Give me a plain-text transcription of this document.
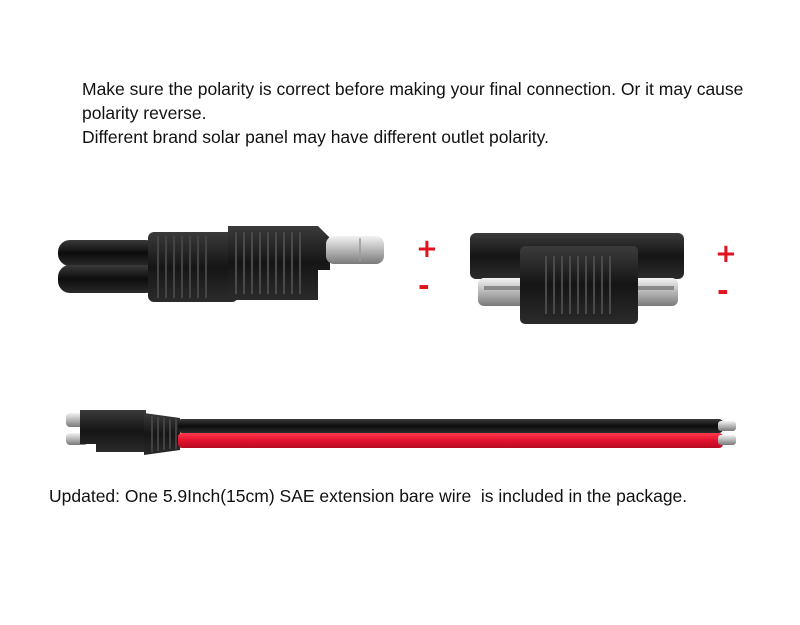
Make sure the polarity is correct before making your final connection. Or it may cause polarity reverse.

Different brand solar panel may have different outlet polarity.

+
-
+
-
Updated: One 5.9Inch(15cm) SAE extension bare wire  is included in the package.
